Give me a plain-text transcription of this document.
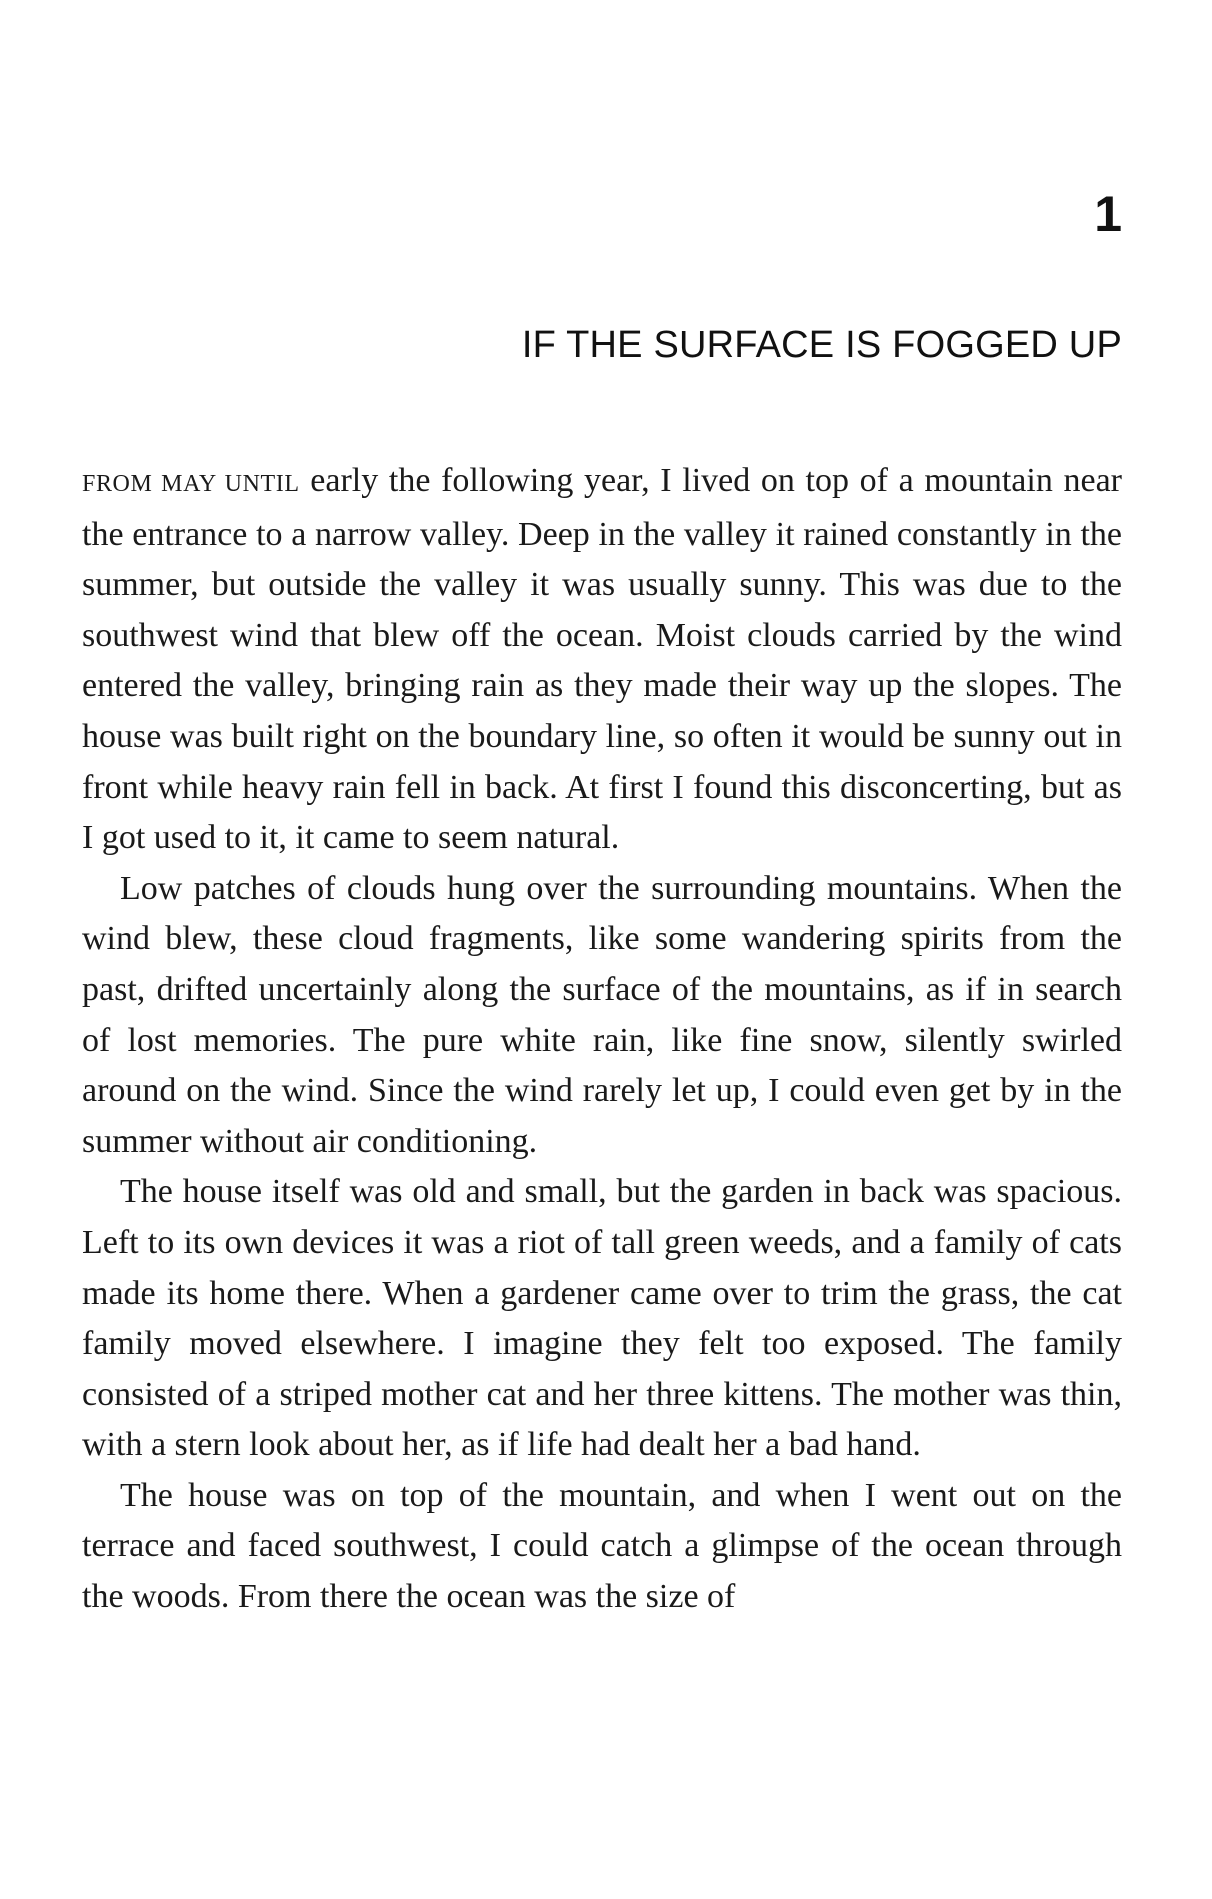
1
IF THE SURFACE IS FOGGED UP

FROM MAY UNTIL early the following year, I lived on top of a mountain near the entrance to a narrow valley. Deep in the valley it rained constantly in the summer, but outside the valley it was usually sunny. This was due to the southwest wind that blew off the ocean. Moist clouds carried by the wind entered the valley, bringing rain as they made their way up the slopes. The house was built right on the boundary line, so often it would be sunny out in front while heavy rain fell in back. At first I found this disconcerting, but as I got used to it, it came to seem natural.

Low patches of clouds hung over the surrounding mountains. When the wind blew, these cloud fragments, like some wandering spirits from the past, drifted uncertainly along the surface of the mountains, as if in search of lost memories. The pure white rain, like fine snow, silently swirled around on the wind. Since the wind rarely let up, I could even get by in the summer without air conditioning.

The house itself was old and small, but the garden in back was spacious. Left to its own devices it was a riot of tall green weeds, and a family of cats made its home there. When a gardener came over to trim the grass, the cat family moved elsewhere. I imagine they felt too exposed. The family consisted of a striped mother cat and her three kittens. The mother was thin, with a stern look about her, as if life had dealt her a bad hand.

The house was on top of the mountain, and when I went out on the terrace and faced southwest, I could catch a glimpse of the ocean through the woods. From there the ocean was the size of
